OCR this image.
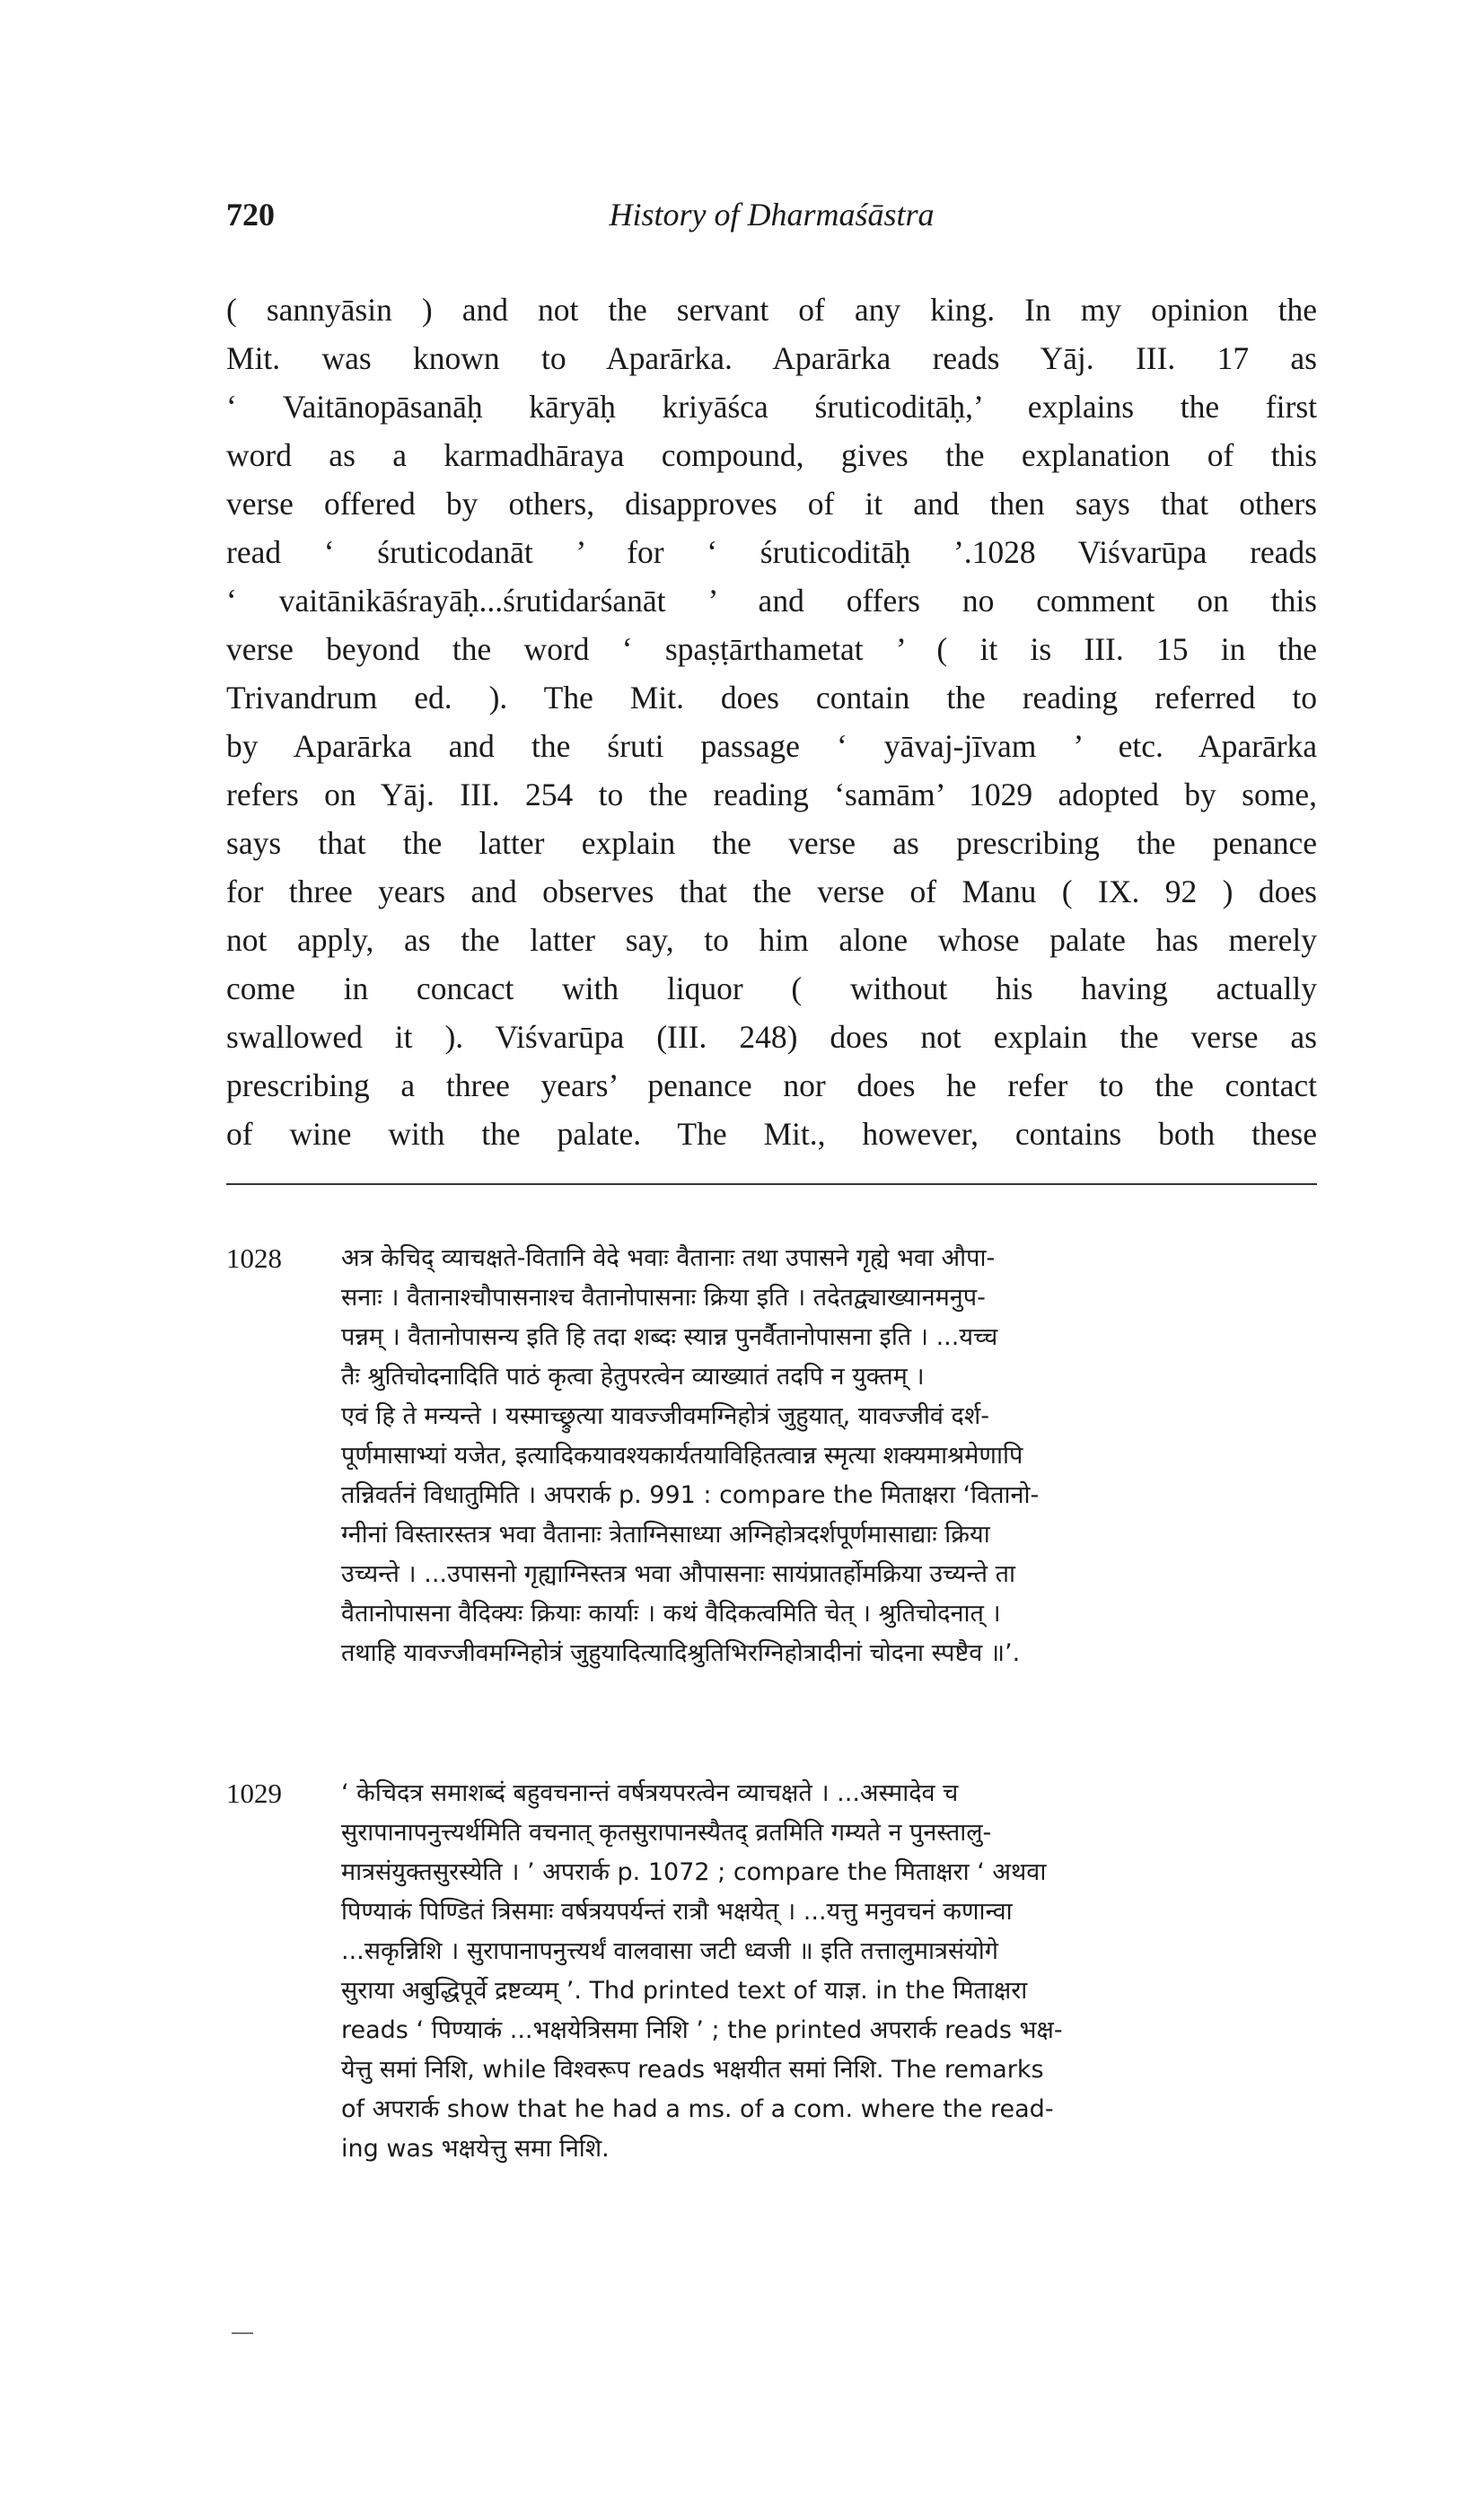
720	History of Dharmaśāstra
( sannyāsin ) and not the servant of any king. In my opinion the
Mit. was known to Aparārka. Aparārka reads Yāj. III. 17 as
‘ Vaitānopāsanāḥ kāryāḥ kriyāśca śruticoditāḥ,’ explains the first
word as a karmadhāraya compound, gives the explanation of this
verse offered by others, disapproves of it and then says that others
read ‘ śruticodanāt ’ for ‘ śruticoditāḥ ’.1028 Viśvarūpa reads
‘ vaitānikāśrayāḥ...śrutidarśanāt ’ and offers no comment on this
verse beyond the word ‘ spaṣṭārthametat ’ ( it is III. 15 in the
Trivandrum ed. ). The Mit. does contain the reading referred to
by Aparārka and the śruti passage ‘ yāvaj-jīvam ’ etc. Aparārka
refers on Yāj. III. 254 to the reading ‘samām’ 1029 adopted by some,
says that the latter explain the verse as prescribing the penance
for three years and observes that the verse of Manu ( IX. 92 ) does
not apply, as the latter say, to him alone whose palate has merely
come in concact with liquor ( without his having actually
swallowed it ). Viśvarūpa (III. 248) does not explain the verse as
prescribing a three years’ penance nor does he refer to the contact
of wine with the palate. The Mit., however, contains both these
1028 अत्र केचिद् व्याचक्षते-वितानि वेदे भवाः वैतानाः तथा उपासने गृह्ये भवा औपा-
सनाः । वैतानाश्चौपासनाश्च वैतानोपासनाः क्रिया इति । तदेतद्व्याख्यानमनुप-
पन्नम् । वैतानोपासन्य इति हि तदा शब्दः स्यान्न पुनर्वैतानोपासना इति । ...यच्च
तैः श्रुतिचोदनादिति पाठं कृत्वा हेतुपरत्वेन व्याख्यातं तदपि न युक्तम् ।
एवं हि ते मन्यन्ते । यस्माच्छ्रुत्या यावज्जीवमग्निहोत्रं जुहुयात्, यावज्जीवं दर्श-
पूर्णमासाभ्यां यजेत, इत्यादिकयावश्यकार्यतयाविहितत्वान्न स्मृत्या शक्यमाश्रमेणापि
तन्निवर्तनं विधातुमिति । अपरार्क p. 991 : compare the मिताक्षरा ‘वितानो-
ग्नीनां विस्तारस्तत्र भवा वैतानाः त्रेताग्निसाध्या अग्निहोत्रदर्शपूर्णमासाद्याः क्रिया
उच्यन्ते । ...उपासनो गृह्याग्निस्तत्र भवा औपासनाः सायंप्रातर्होमक्रिया उच्यन्ते ता
वैतानोपासना वैदिक्यः क्रियाः कार्याः । कथं वैदिकत्वमिति चेत् । श्रुतिचोदनात् ।
तथाहि यावज्जीवमग्निहोत्रं जुहुयादित्यादिश्रुतिभिरग्निहोत्रादीनां चोदना स्पष्टैव ॥’.
1029 ‘ केचिदत्र समाशब्दं बहुवचनान्तं वर्षत्रयपरत्वेन व्याचक्षते । ...अस्मादेव च
सुरापानापनुत्त्यर्थमिति वचनात् कृतसुरापानस्यैतद् व्रतमिति गम्यते न पुनस्तालु-
मात्रसंयुक्तसुरस्येति । ’ अपरार्क p. 1072 ; compare the मिताक्षरा ‘ अथवा
पिण्याकं पिण्डितं त्रिसमाः वर्षत्रयपर्यन्तं रात्रौ भक्षयेत् । ...यत्तु मनुवचनं कणान्वा
...सकृन्निशि । सुरापानापनुत्त्यर्थं वालवासा जटी ध्वजी ॥ इति तत्तालुमात्रसंयोगे
सुराया अबुद्धिपूर्वे द्रष्टव्यम् ’. Thd printed text of याज्ञ. in the मिताक्षरा
reads ‘ पिण्याकं ...भक्षयेत्रिसमा निशि ’ ; the printed अपरार्क reads भक्ष-
येत्तु समां निशि, while विश्वरूप reads भक्षयीत समां निशि. The remarks
of अपरार्क show that he had a ms. of a com. where the read-
ing was भक्षयेत्तु समा निशि.
